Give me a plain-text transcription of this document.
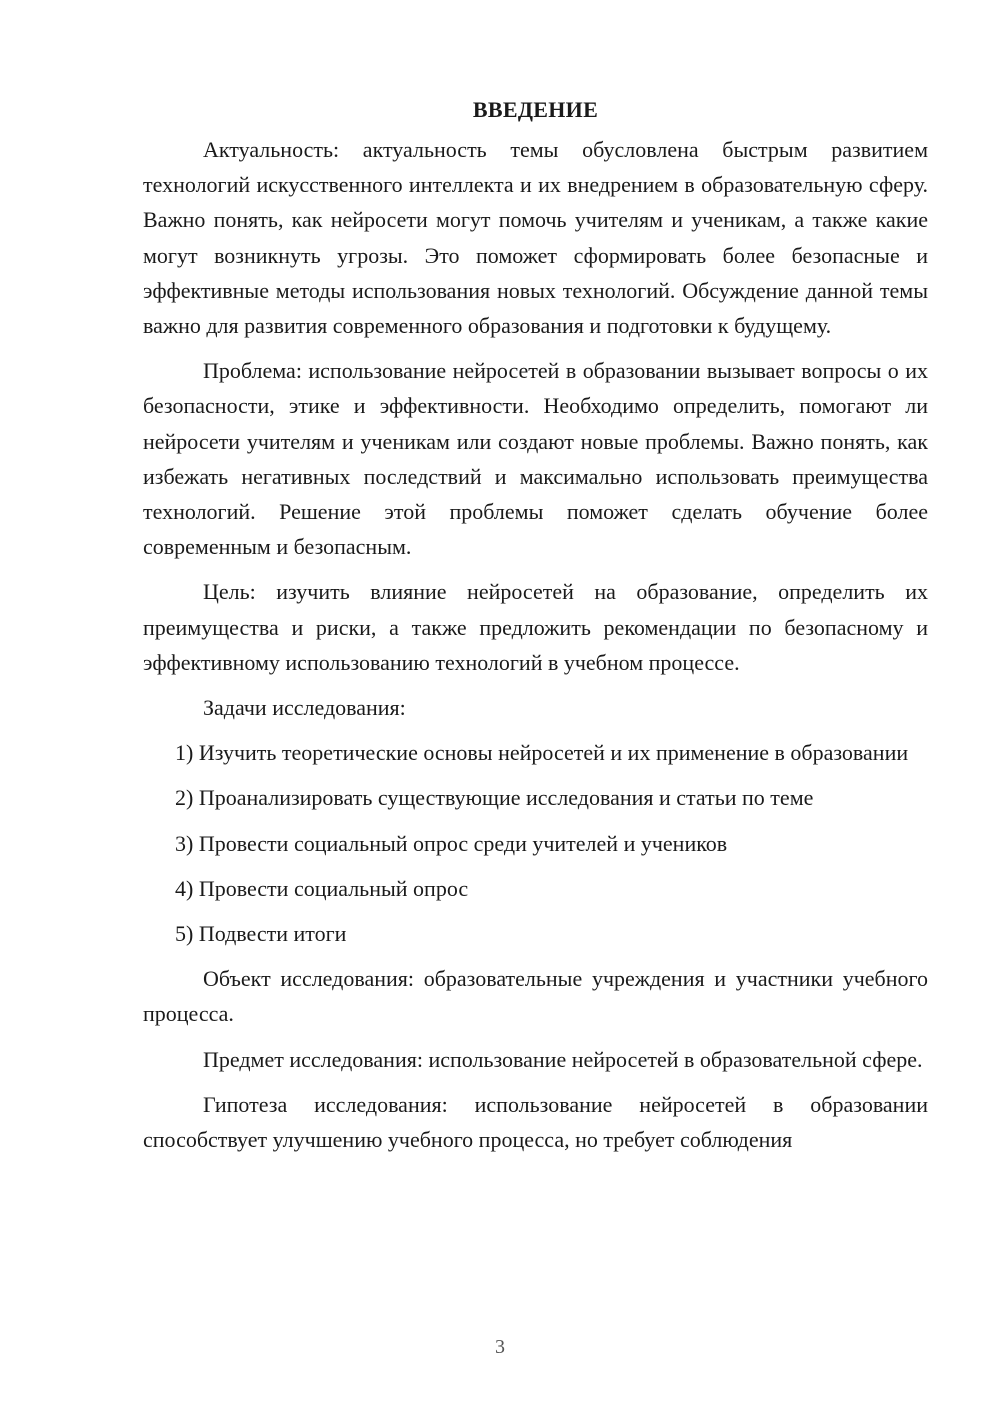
ВВЕДЕНИЕ

Актуальность: актуальность темы обусловлена быстрым развитием технологий искусственного интеллекта и их внедрением в образовательную сферу. Важно понять, как нейросети могут помочь учителям и ученикам, а также какие могут возникнуть угрозы. Это поможет сформировать более безопасные и эффективные методы использования новых технологий. Обсуждение данной темы важно для развития современного образования и подготовки к будущему.

Проблема: использование нейросетей в образовании вызывает вопросы о их безопасности, этике и эффективности. Необходимо определить, помогают ли нейросети учителям и ученикам или создают новые проблемы. Важно понять, как избежать негативных последствий и максимально использовать преимущества технологий. Решение этой проблемы поможет сделать обучение более современным и безопасным.

Цель: изучить влияние нейросетей на образование, определить их преимущества и риски, а также предложить рекомендации по безопасному и эффективному использованию технологий в учебном процессе.

Задачи исследования:

1) Изучить теоретические основы нейросетей и их применение в образовании

2) Проанализировать существующие исследования и статьи по теме

3) Провести социальный опрос среди учителей и учеников

4) Провести социальный опрос

5) Подвести итоги

Объект исследования: образовательные учреждения и участники учебного процесса.

Предмет исследования: использование нейросетей в образовательной сфере.

Гипотеза исследования: использование нейросетей в образовании способствует улучшению учебного процесса, но требует соблюдения

3
